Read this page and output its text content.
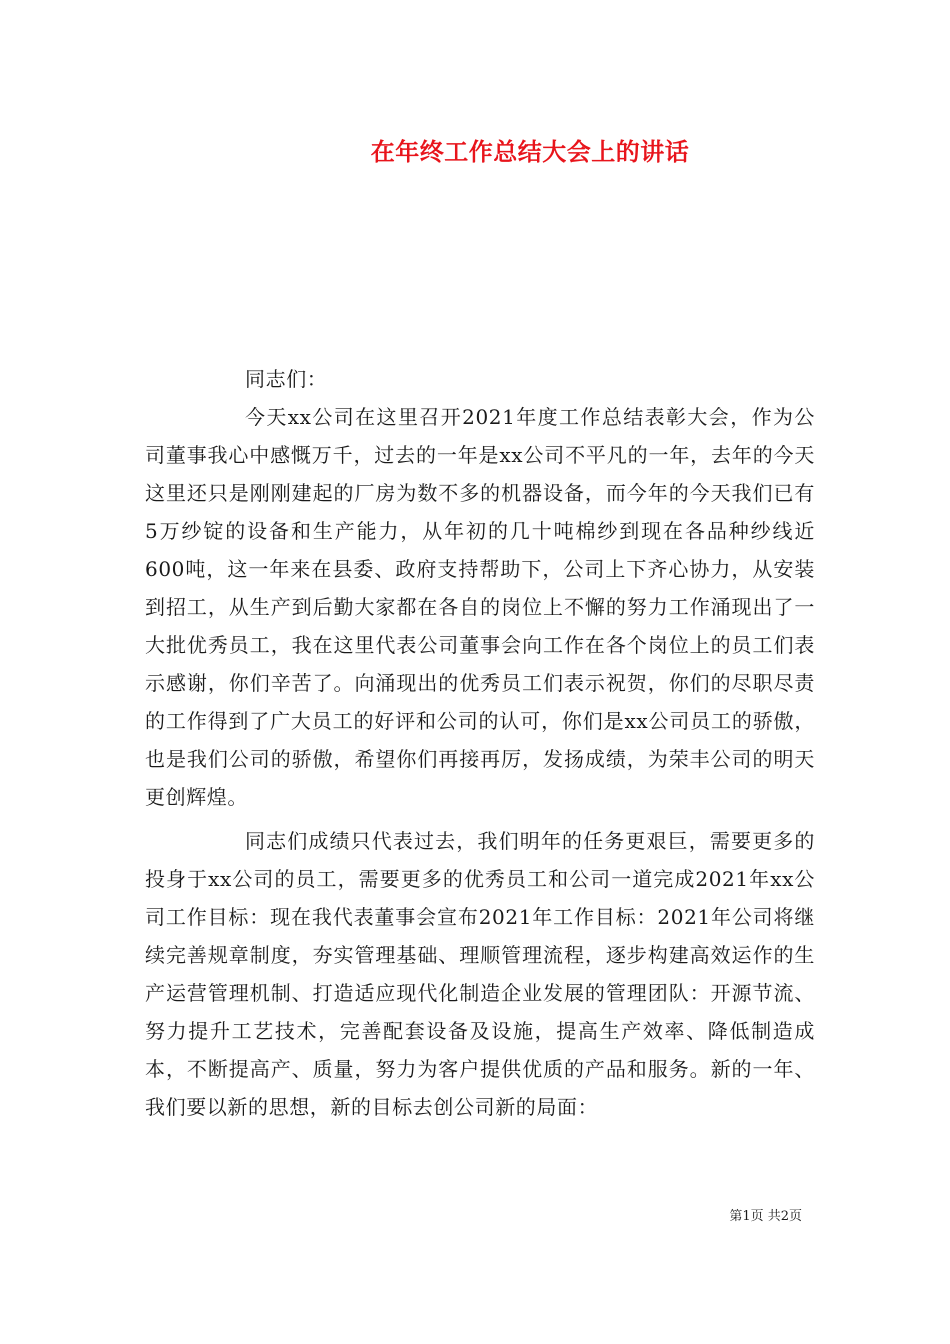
在年终工作总结大会上的讲话

同志们：

今天xx公司在这里召开2021年度工作总结表彰大会，作为公司董事我心中感慨万千，过去的一年是xx公司不平凡的一年，去年的今天这里还只是刚刚建起的厂房为数不多的机器设备，而今年的今天我们已有5万纱锭的设备和生产能力，从年初的几十吨棉纱到现在各品种纱线近600吨，这一年来在县委、政府支持帮助下，公司上下齐心协力，从安装到招工，从生产到后勤大家都在各自的岗位上不懈的努力工作涌现出了一大批优秀员工，我在这里代表公司董事会向工作在各个岗位上的员工们表示感谢，你们辛苦了。向涌现出的优秀员工们表示祝贺，你们的尽职尽责的工作得到了广大员工的好评和公司的认可，你们是xx公司员工的骄傲，也是我们公司的骄傲，希望你们再接再厉，发扬成绩，为荣丰公司的明天更创辉煌。

同志们成绩只代表过去，我们明年的任务更艰巨，需要更多的投身于xx公司的员工，需要更多的优秀员工和公司一道完成2021年xx公司工作目标：现在我代表董事会宣布2021年工作目标：2021年公司将继续完善规章制度，夯实管理基础、理顺管理流程，逐步构建高效运作的生产运营管理机制、打造适应现代化制造企业发展的管理团队：开源节流、努力提升工艺技术，完善配套设备及设施，提高生产效率、降低制造成本，不断提高产、质量，努力为客户提供优质的产品和服务。新的一年、我们要以新的思想，新的目标去创公司新的局面：

第1页 共2页
